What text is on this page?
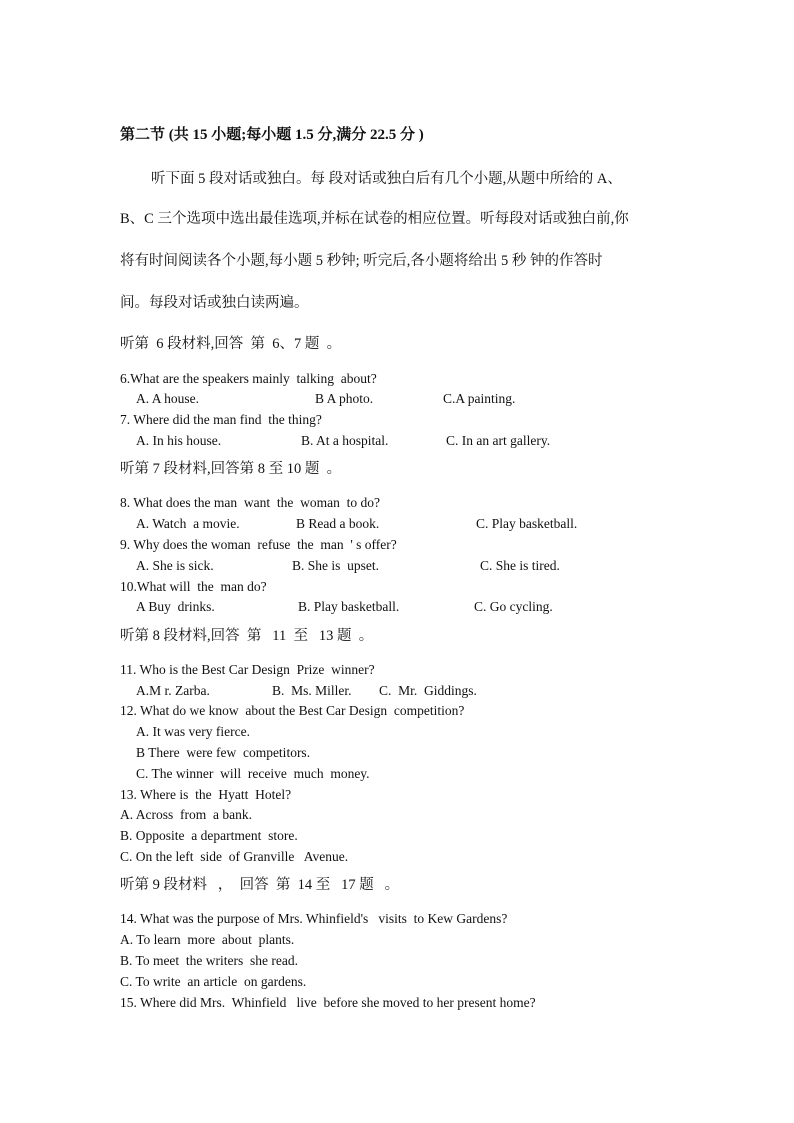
第二节 (共 15 小题;每小题 1.5 分,满分 22.5 分 )
听下面 5 段对话或独白。每 段对话或独白后有几个小题,从题中所给的 A、
B、C 三个选项中选出最佳选项,并标在试卷的相应位置。听每段对话或独白前,你
将有时间阅读各个小题,每小题 5 秒钟; 听完后,各小题将给出 5 秒 钟的作答时
间。每段对话或独白读两遍。
听第  6 段材料,回答  第  6、7 题  。
6.What are the speakers mainly  talking  about?
A. A house.	B A photo.	C.A painting.
7. Where did the man find  the thing?
A. In his house.	B. At a hospital.	C. In an art gallery.
听第 7 段材料,回答第 8 至 10 题  。
8. What does the man  want  the  woman  to do?
A. Watch  a movie.	B Read a book.	C. Play basketball.
9. Why does the woman  refuse  the  man  ' s offer?
A. She is sick.	B. She is  upset.	C. She is tired.
10.What will  the  man do?
A Buy  drinks.	B. Play basketball.	C. Go cycling.
听第 8 段材料,回答  第   11  至   13 题  。
11. Who is the Best Car Design  Prize  winner?
A.M r. Zarba.	B.  Ms. Miller. C.  Mr.  Giddings.
12. What do we know  about the Best Car Design  competition?
A. It was very fierce.
B There  were few  competitors.
C. The winner  will  receive  much  money.
13. Where is  the  Hyatt  Hotel?
A. Across  from  a bank.
B. Opposite  a department  store.
C. On the left  side  of Granville   Avenue.
听第 9 段材料   ，  回答  第  14 至   17 题   。
14. What was the purpose of Mrs. Whinfield's   visits  to Kew Gardens?
A. To learn  more  about  plants.
B. To meet  the writers  she read.
C. To write  an article  on gardens.
15. Where did Mrs.  Whinfield   live  before she moved to her present home?
